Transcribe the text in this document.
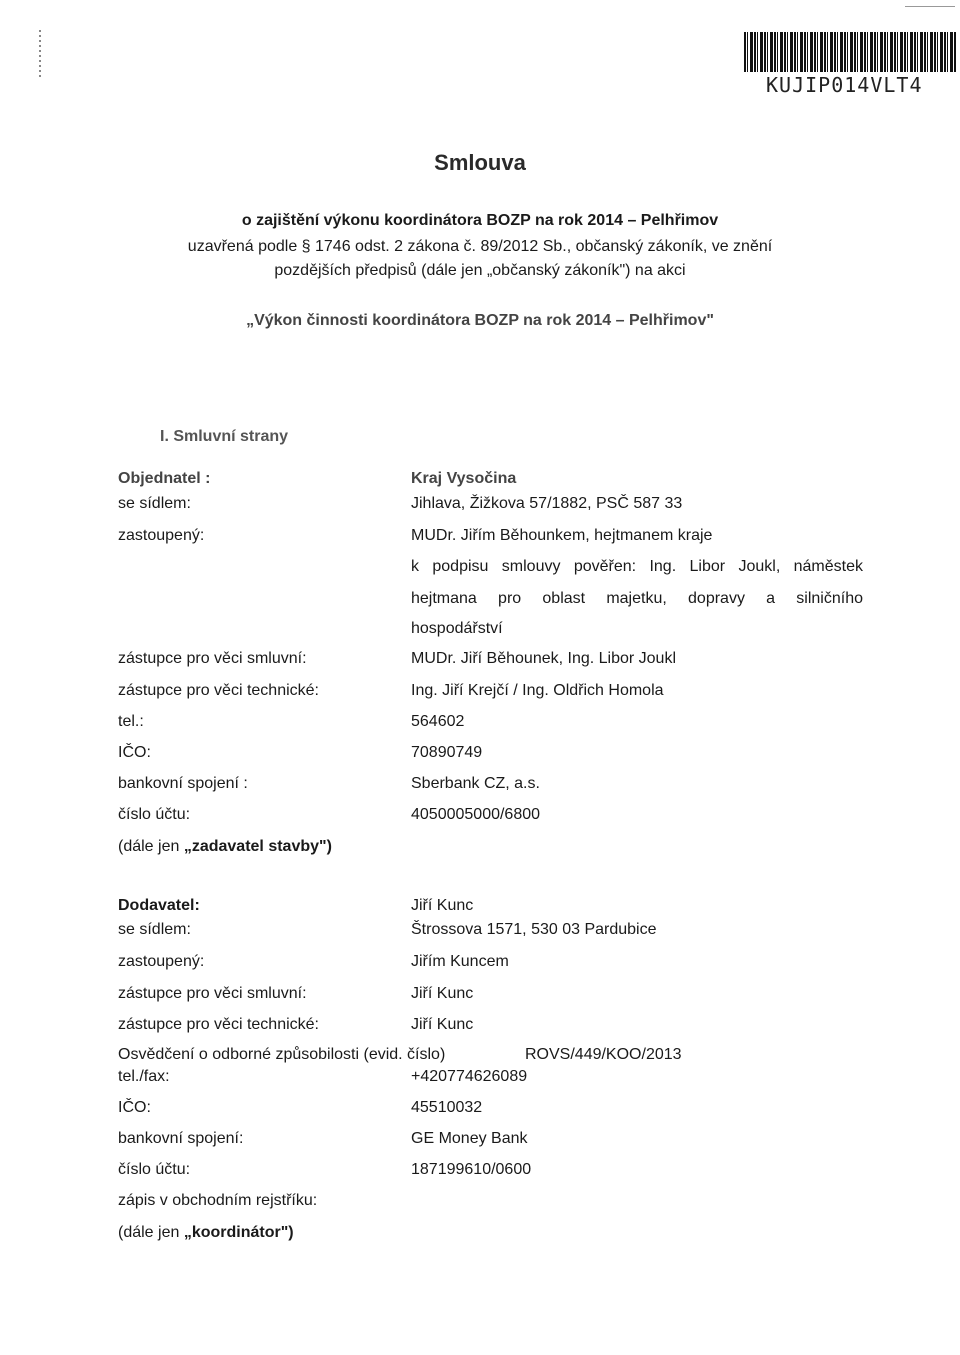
KUJIP014VLT4
Smlouva
o zajištění výkonu koordinátora BOZP na rok 2014 – Pelhřimov
uzavřená podle § 1746 odst. 2 zákona č. 89/2012 Sb., občanský zákoník, ve znění
pozdějších předpisů (dále jen „občanský zákoník") na akci
„Výkon činnosti koordinátora BOZP na rok 2014 – Pelhřimov"
I. Smluvní strany
Objednatel :	Kraj Vysočina
se sídlem:	Jihlava, Žižkova 57/1882, PSČ 587 33
zastoupený:	MUDr. Jiřím Běhounkem, hejtmanem kraje
k podpisu smlouvy pověřen: Ing. Libor Joukl, náměstek
hejtmana pro oblast majetku, dopravy a silničního
hospodářství
zástupce pro věci smluvní:	MUDr. Jiří Běhounek, Ing. Libor Joukl
zástupce pro věci technické:	Ing. Jiří Krejčí / Ing. Oldřich Homola
tel.:	564602
IČO:	70890749
bankovní spojení :	Sberbank CZ, a.s.
číslo účtu:	4050005000/6800
(dále jen „zadavatel stavby")
Dodavatel:	Jiří Kunc
se sídlem:	Štrossova 1571, 530 03 Pardubice
zastoupený:	Jiřím Kuncem
zástupce pro věci smluvní:	Jiří Kunc
zástupce pro věci technické:	Jiří Kunc
Osvědčení o odborné způsobilosti (evid. číslo)	ROVS/449/KOO/2013
tel./fax:	+420774626089
IČO:	45510032
bankovní spojení:	GE Money Bank
číslo účtu:	187199610/0600
zápis v obchodním rejstříku:
(dále jen „koordinátor")
